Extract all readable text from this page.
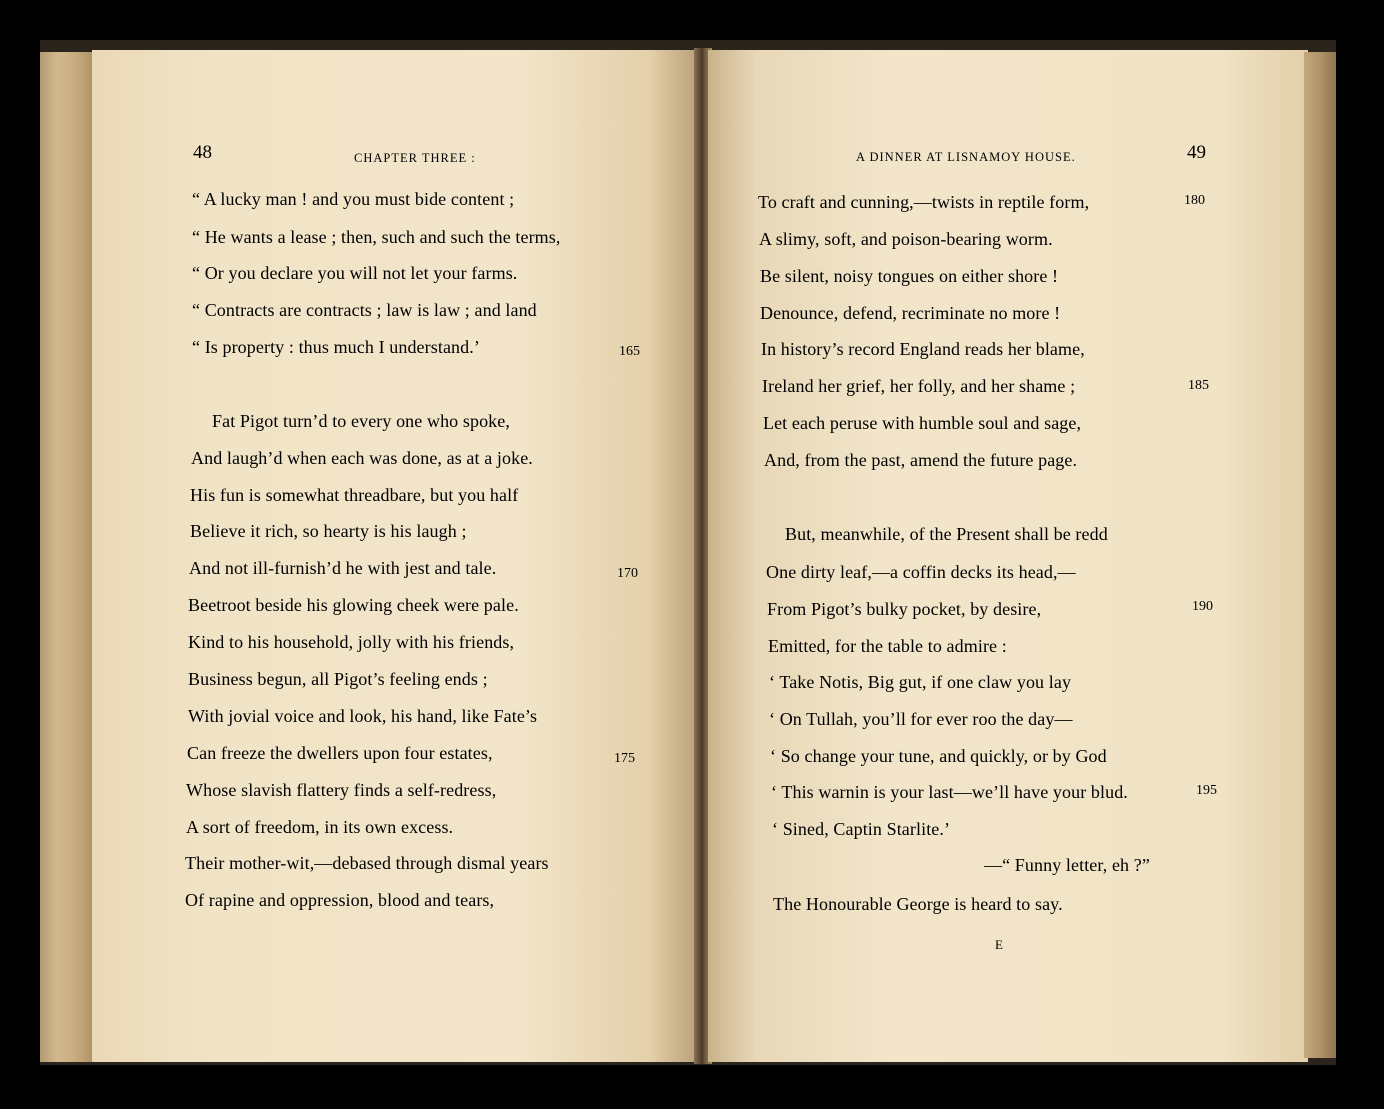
48	CHAPTER THREE :
“ A lucky man ! and you must bide content ;
“ He wants a lease ; then, such and such the terms,
“ Or you declare you will not let your farms.
“ Contracts are contracts ; law is law ; and land
“ Is property : thus much I understand.’	165
Fat Pigot turn’d to every one who spoke,
And laugh’d when each was done, as at a joke.
His fun is somewhat threadbare, but you half
Believe it rich, so hearty is his laugh ;
And not ill-furnish’d he with jest and tale.	170
Beetroot beside his glowing cheek were pale.
Kind to his household, jolly with his friends,
Business begun, all Pigot’s feeling ends ;
With jovial voice and look, his hand, like Fate’s
Can freeze the dwellers upon four estates,	175
Whose slavish flattery finds a self-redress,
A sort of freedom, in its own excess.
Their mother-wit,—debased through dismal years
Of rapine and oppression, blood and tears,
A DINNER AT LISNAMOY HOUSE.	49
To craft and cunning,—twists in reptile form,	180
A slimy, soft, and poison-bearing worm.
Be silent, noisy tongues on either shore !
Denounce, defend, recriminate no more !
In history’s record England reads her blame,
Ireland her grief, her folly, and her shame ;	185
Let each peruse with humble soul and sage,
And, from the past, amend the future page.
But, meanwhile, of the Present shall be redd
One dirty leaf,—a coffin decks its head,—
From Pigot’s bulky pocket, by desire,	190
Emitted, for the table to admire :
‘ Take Notis, Big gut, if one claw you lay
‘ On Tullah, you’ll for ever roo the day—
‘ So change your tune, and quickly, or by God
‘ This warnin is your last—we’ll have your blud.	195
‘ Sined, Captin Starlite.’
—“ Funny letter, eh ?”
The Honourable George is heard to say.
E
